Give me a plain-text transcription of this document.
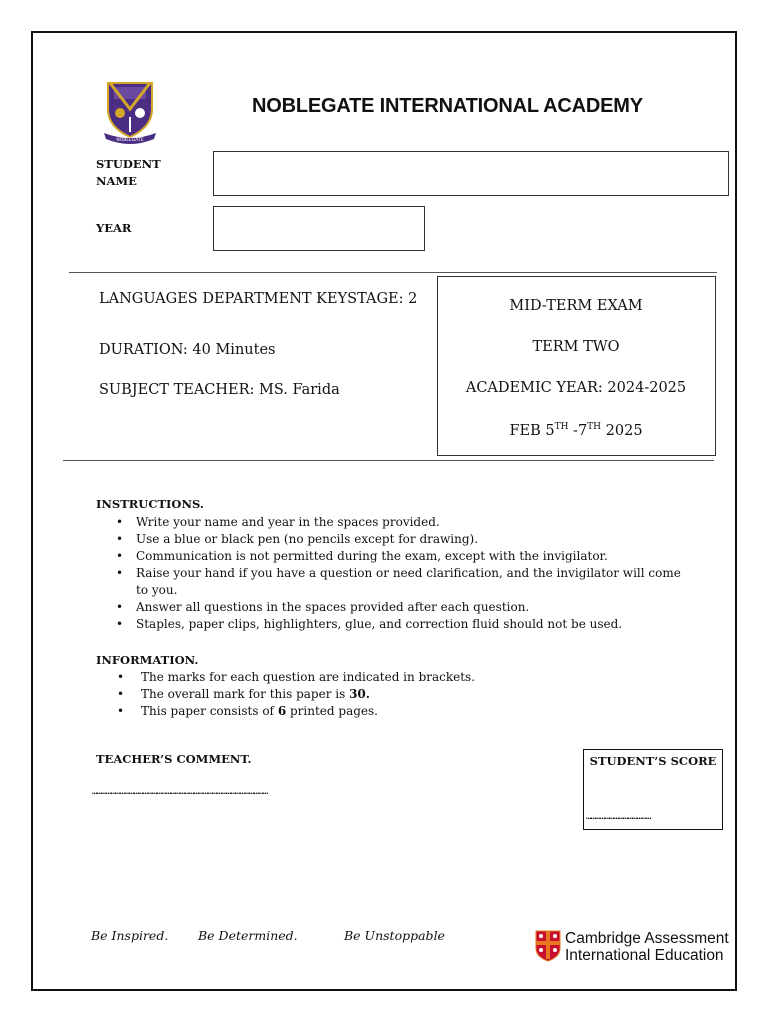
NOBLEGATE
NOBLEGATE INTERNATIONAL ACADEMY
STUDENT
NAME
YEAR
LANGUAGES DEPARTMENT KEYSTAGE: 2
DURATION: 40 Minutes
SUBJECT TEACHER: MS. Farida
MID-TERM EXAM
TERM TWO
ACADEMIC YEAR: 2024-2025
FEB 5TH -7TH 2025
INSTRUCTIONS.
• Write your name and year in the spaces provided.
• Use a blue or black pen (no pencils except for drawing).
• Communication is not permitted during the exam, except with the invigilator.
• Raise your hand if you have a question or need clarification, and the invigilator will come to you.
• Answer all questions in the spaces provided after each question.
• Staples, paper clips, highlighters, glue, and correction fluid should not be used.
INFORMATION.
• The marks for each question are indicated in brackets.
• The overall mark for this paper is 30.
• This paper consists of 6 printed pages.
TEACHER’S COMMENT.
……………………………………………………………………………………………………
STUDENT’S SCORE
……………………………………
Be Inspired. Be Determined.	Be Unstoppable	Cambridge Assessment
International Education
